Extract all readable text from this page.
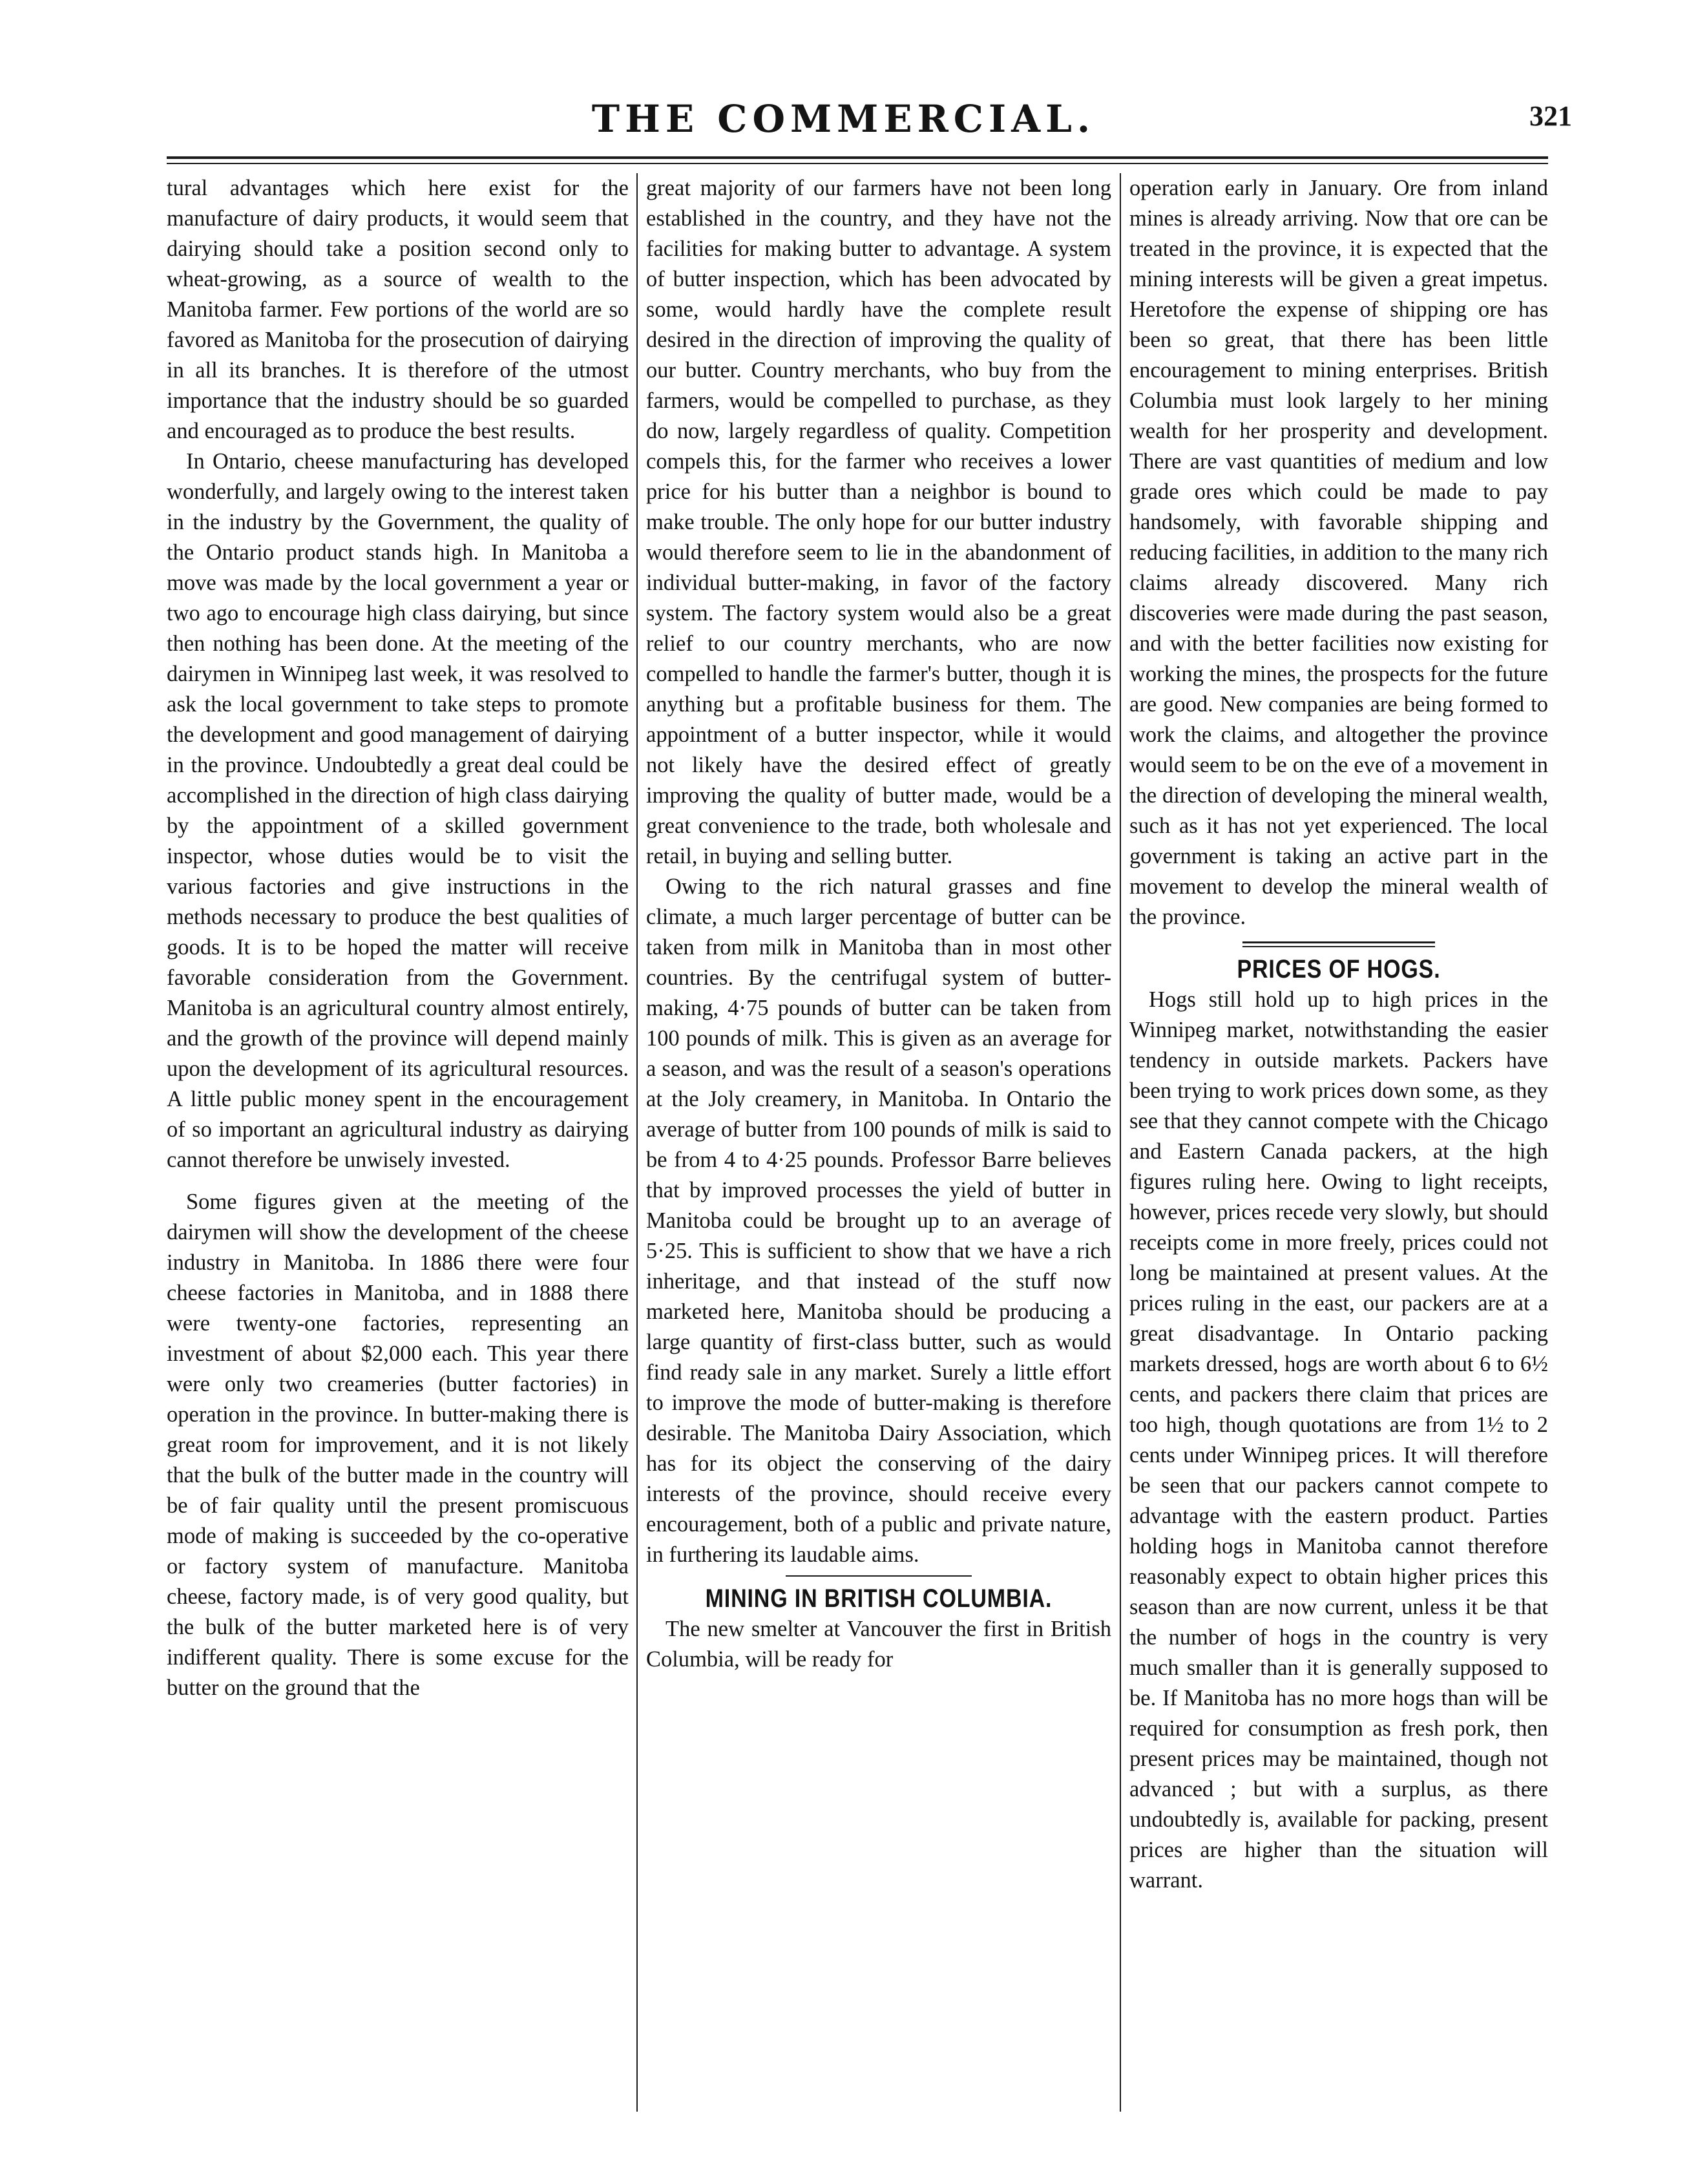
THE COMMERCIAL.	321

tural advantages which here exist for the manufacture of dairy products, it would seem that dairying should take a position second only to wheat-growing, as a source of wealth to the Manitoba farmer. Few portions of the world are so favored as Manitoba for the prosecution of dairying in all its branches. It is therefore of the utmost importance that the industry should be so guarded and encouraged as to produce the best results.

In Ontario, cheese manufacturing has developed wonderfully, and largely owing to the interest taken in the industry by the Government, the quality of the Ontario product stands high. In Manitoba a move was made by the local government a year or two ago to encourage high class dairying, but since then nothing has been done. At the meeting of the dairymen in Winnipeg last week, it was resolved to ask the local government to take steps to promote the development and good management of dairying in the province. Undoubtedly a great deal could be accomplished in the direction of high class dairying by the appointment of a skilled government inspector, whose duties would be to visit the various factories and give instructions in the methods necessary to produce the best qualities of goods. It is to be hoped the matter will receive favorable consideration from the Government. Manitoba is an agricultural country almost entirely, and the growth of the province will depend mainly upon the development of its agricultural resources. A little public money spent in the encouragement of so important an agricultural industry as dairying cannot therefore be unwisely invested.

Some figures given at the meeting of the dairymen will show the development of the cheese industry in Manitoba. In 1886 there were four cheese factories in Manitoba, and in 1888 there were twenty-one factories, representing an investment of about $2,000 each. This year there were only two creameries (butter factories) in operation in the province. In butter-making there is great room for improvement, and it is not likely that the bulk of the butter made in the country will be of fair quality until the present promiscuous mode of making is succeeded by the co-operative or factory system of manufacture. Manitoba cheese, factory made, is of very good quality, but the bulk of the butter marketed here is of very indifferent quality. There is some excuse for the butter on the ground that the

great majority of our farmers have not been long established in the country, and they have not the facilities for making butter to advantage. A system of butter inspection, which has been advocated by some, would hardly have the complete result desired in the direction of improving the quality of our butter. Country merchants, who buy from the farmers, would be compelled to purchase, as they do now, largely regardless of quality. Competition compels this, for the farmer who receives a lower price for his butter than a neighbor is bound to make trouble. The only hope for our butter industry would therefore seem to lie in the abandonment of individual butter-making, in favor of the factory system. The factory system would also be a great relief to our country merchants, who are now compelled to handle the farmer's butter, though it is anything but a profitable business for them. The appointment of a butter inspector, while it would not likely have the desired effect of greatly improving the quality of butter made, would be a great convenience to the trade, both wholesale and retail, in buying and selling butter.

Owing to the rich natural grasses and fine climate, a much larger percentage of butter can be taken from milk in Manitoba than in most other countries. By the centrifugal system of butter-making, 4·75 pounds of butter can be taken from 100 pounds of milk. This is given as an average for a season, and was the result of a season's operations at the Joly creamery, in Manitoba. In Ontario the average of butter from 100 pounds of milk is said to be from 4 to 4·25 pounds. Professor Barre believes that by improved processes the yield of butter in Manitoba could be brought up to an average of 5·25. This is sufficient to show that we have a rich inheritage, and that instead of the stuff now marketed here, Manitoba should be producing a large quantity of first-class butter, such as would find ready sale in any market. Surely a little effort to improve the mode of butter-making is therefore desirable. The Manitoba Dairy Association, which has for its object the conserving of the dairy interests of the province, should receive every encouragement, both of a public and private nature, in furthering its laudable aims.

MINING IN BRITISH COLUMBIA.

The new smelter at Vancouver the first in British Columbia, will be ready for

operation early in January. Ore from inland mines is already arriving. Now that ore can be treated in the province, it is expected that the mining interests will be given a great impetus. Heretofore the expense of shipping ore has been so great, that there has been little encouragement to mining enterprises. British Columbia must look largely to her mining wealth for her prosperity and development. There are vast quantities of medium and low grade ores which could be made to pay handsomely, with favorable shipping and reducing facilities, in addition to the many rich claims already discovered. Many rich discoveries were made during the past season, and with the better facilities now existing for working the mines, the prospects for the future are good. New companies are being formed to work the claims, and altogether the province would seem to be on the eve of a movement in the direction of developing the mineral wealth, such as it has not yet experienced. The local government is taking an active part in the movement to develop the mineral wealth of the province.

PRICES OF HOGS.

Hogs still hold up to high prices in the Winnipeg market, notwithstanding the easier tendency in outside markets. Packers have been trying to work prices down some, as they see that they cannot compete with the Chicago and Eastern Canada packers, at the high figures ruling here. Owing to light receipts, however, prices recede very slowly, but should receipts come in more freely, prices could not long be maintained at present values. At the prices ruling in the east, our packers are at a great disadvantage. In Ontario packing markets dressed, hogs are worth about 6 to 6½ cents, and packers there claim that prices are too high, though quotations are from 1½ to 2 cents under Winnipeg prices. It will therefore be seen that our packers cannot compete to advantage with the eastern product. Parties holding hogs in Manitoba cannot therefore reasonably expect to obtain higher prices this season than are now current, unless it be that the number of hogs in the country is very much smaller than it is generally supposed to be. If Manitoba has no more hogs than will be required for consumption as fresh pork, then present prices may be maintained, though not advanced ; but with a surplus, as there undoubtedly is, available for packing, present prices are higher than the situation will warrant.
